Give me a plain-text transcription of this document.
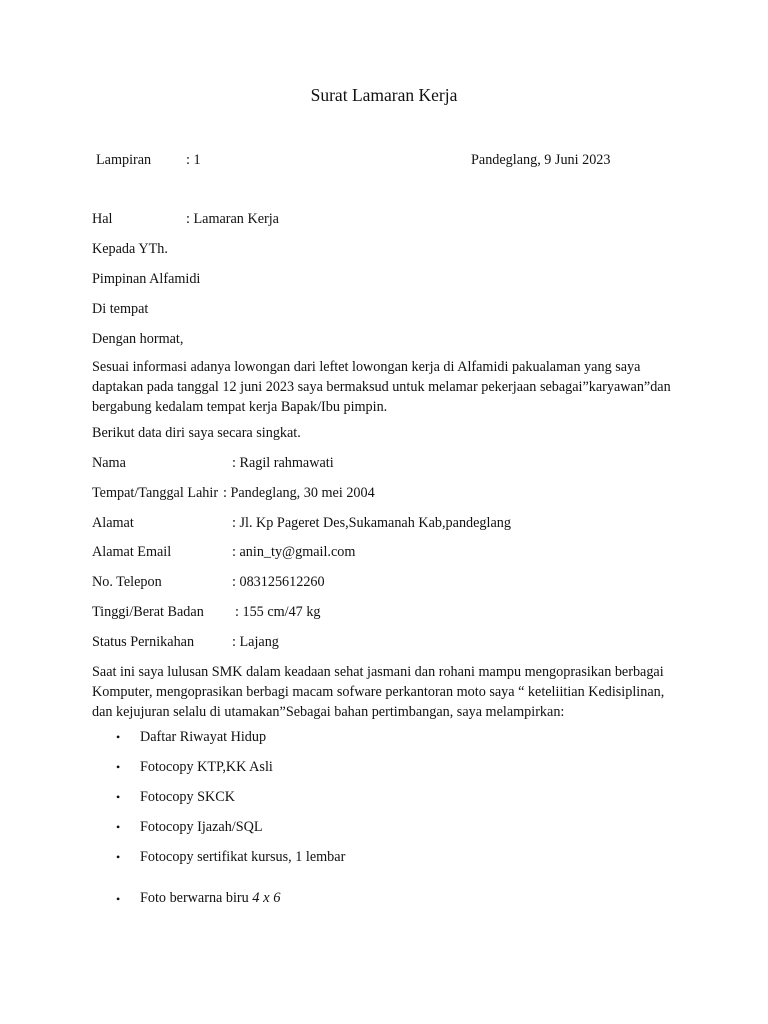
Surat Lamaran Kerja
Lampiran : 1	Pandeglang, 9 Juni 2023
Hal	: Lamaran Kerja
Kepada YTh.
Pimpinan Alfamidi
Di tempat
Dengan hormat,

Sesuai informasi adanya lowongan dari leftet lowongan kerja di Alfamidi pakualaman yang saya

daptakan pada tanggal 12 juni 2023 saya bermaksud untuk melamar pekerjaan sebagai”karyawan”dan

bergabung kedalam tempat kerja Bapak/Ibu pimpin.

Berikut data diri saya secara singkat.
Nama	: Ragil rahmawati
Tempat/Tanggal Lahir : Pandeglang, 30 mei 2004
Alamat	: Jl. Kp Pageret Des,Sukamanah Kab,pandeglang
Alamat Email	: anin_ty@gmail.com
No. Telepon	: 083125612260
Tinggi/Berat Badan : 155 cm/47 kg
Status Pernikahan	: Lajang

Saat ini saya lulusan SMK dalam keadaan sehat jasmani dan rohani mampu mengoprasikan berbagai

Komputer, mengoprasikan berbagi macam sofware perkantoran moto saya “ keteliitian Kedisiplinan,

dan kejujuran selalu di utamakan”Sebagai bahan pertimbangan, saya melampirkan:

• Daftar Riwayat Hidup
• Fotocopy KTP,KK Asli
• Fotocopy SKCK
• Fotocopy Ijazah/SQL
• Fotocopy sertifikat kursus, 1 lembar
• Foto berwarna biru 4 x 6
